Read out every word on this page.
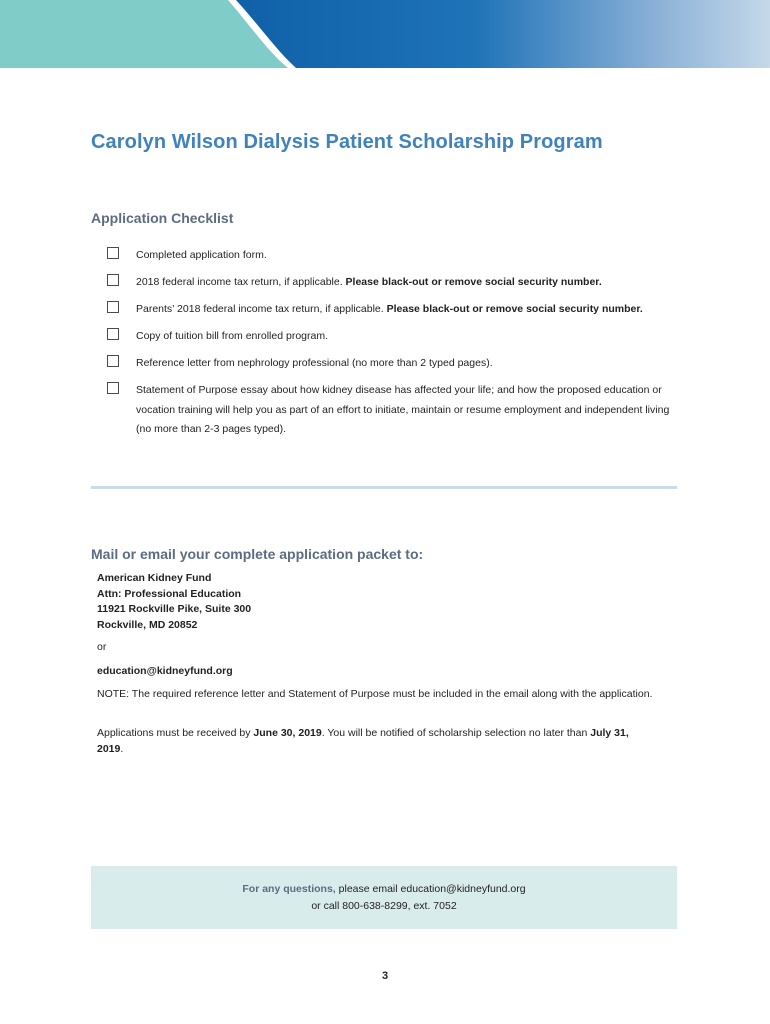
Carolyn Wilson Dialysis Patient Scholarship Program
Application Checklist
Completed application form.
2018 federal income tax return, if applicable. Please black-out or remove social security number.
Parents’ 2018 federal income tax return, if applicable. Please black-out or remove social security number.
Copy of tuition bill from enrolled program.
Reference letter from nephrology professional (no more than 2 typed pages).
Statement of Purpose essay about how kidney disease has affected your life; and how the proposed education or vocation training will help you as part of an effort to initiate, maintain or resume employment and independent living (no more than 2-3 pages typed).
Mail or email your complete application packet to:
American Kidney Fund
Attn: Professional Education
11921 Rockville Pike, Suite 300
Rockville, MD 20852
or
education@kidneyfund.org
NOTE: The required reference letter and Statement of Purpose must be included in the email along with the application.
Applications must be received by June 30, 2019. You will be notified of scholarship selection no later than July 31, 2019.
For any questions, please email education@kidneyfund.org
or call 800-638-8299, ext. 7052
3
